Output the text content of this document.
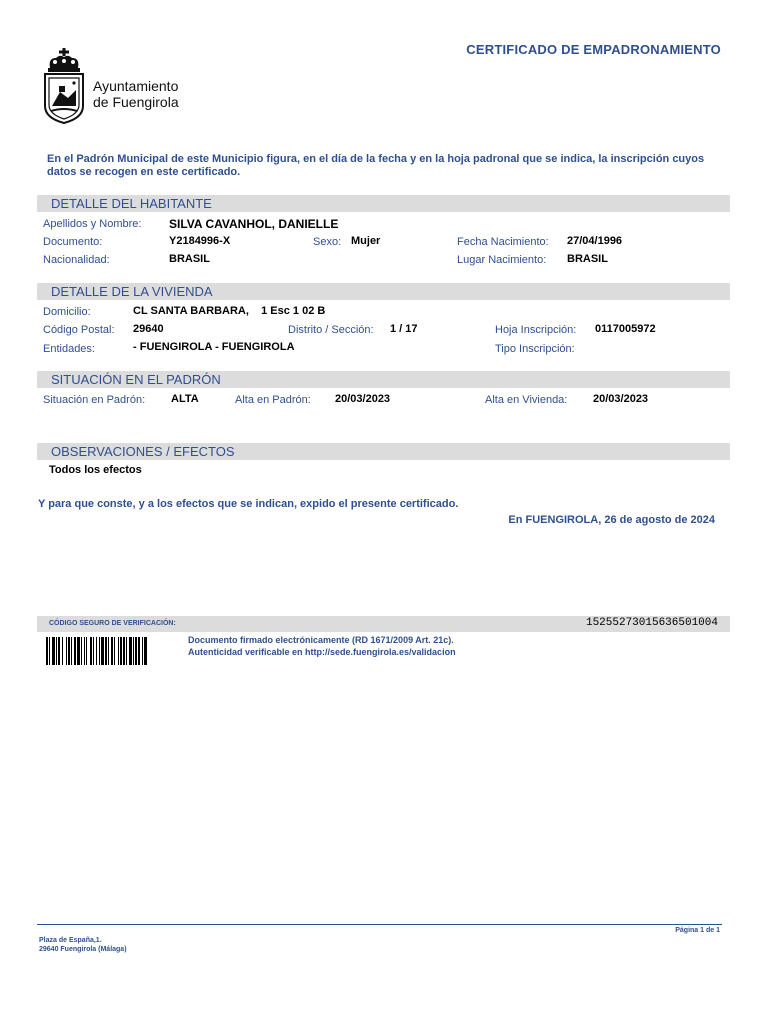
CERTIFICADO DE EMPADRONAMIENTO
Ayuntamiento
de Fuengirola
En el Padrón Municipal de este Municipio figura, en el día de la fecha y en la hoja padronal que se indica, la inscripción cuyos datos se recogen en este certificado.
DETALLE DEL HABITANTE
Apellidos y Nombre: SILVA CAVANHOL, DANIELLE
Documento:	Y2184996-X	Sexo: Mujer	Fecha Nacimiento: 27/04/1996
Nacionalidad:	BRASIL	Lugar Nacimiento: BRASIL
DETALLE DE LA VIVIENDA
Domicilio:	CL SANTA BARBARA,    1 Esc 1 02 B
Código Postal: 29640	Distrito / Sección: 1 / 17	Hoja Inscripción: 0117005972
Entidades:	- FUENGIROLA - FUENGIROLA	Tipo Inscripción:
SITUACIÓN EN EL PADRÓN
Situación en Padrón: ALTA	Alta en Padrón: 20/03/2023	Alta en Vivienda: 20/03/2023
OBSERVACIONES / EFECTOS
Todos los efectos
Y para que conste, y a los efectos que se indican, expido el presente certificado.
En FUENGIROLA, 26 de agosto de 2024
CÓDIGO SEGURO DE VERIFICACIÓN:	15255273015636501004
Documento firmado electrónicamente (RD 1671/2009 Art. 21c).
Autenticidad verificable en http://sede.fuengirola.es/validacion
Página 1 de 1
Plaza de España,1.
29640 Fuengirola (Málaga)
